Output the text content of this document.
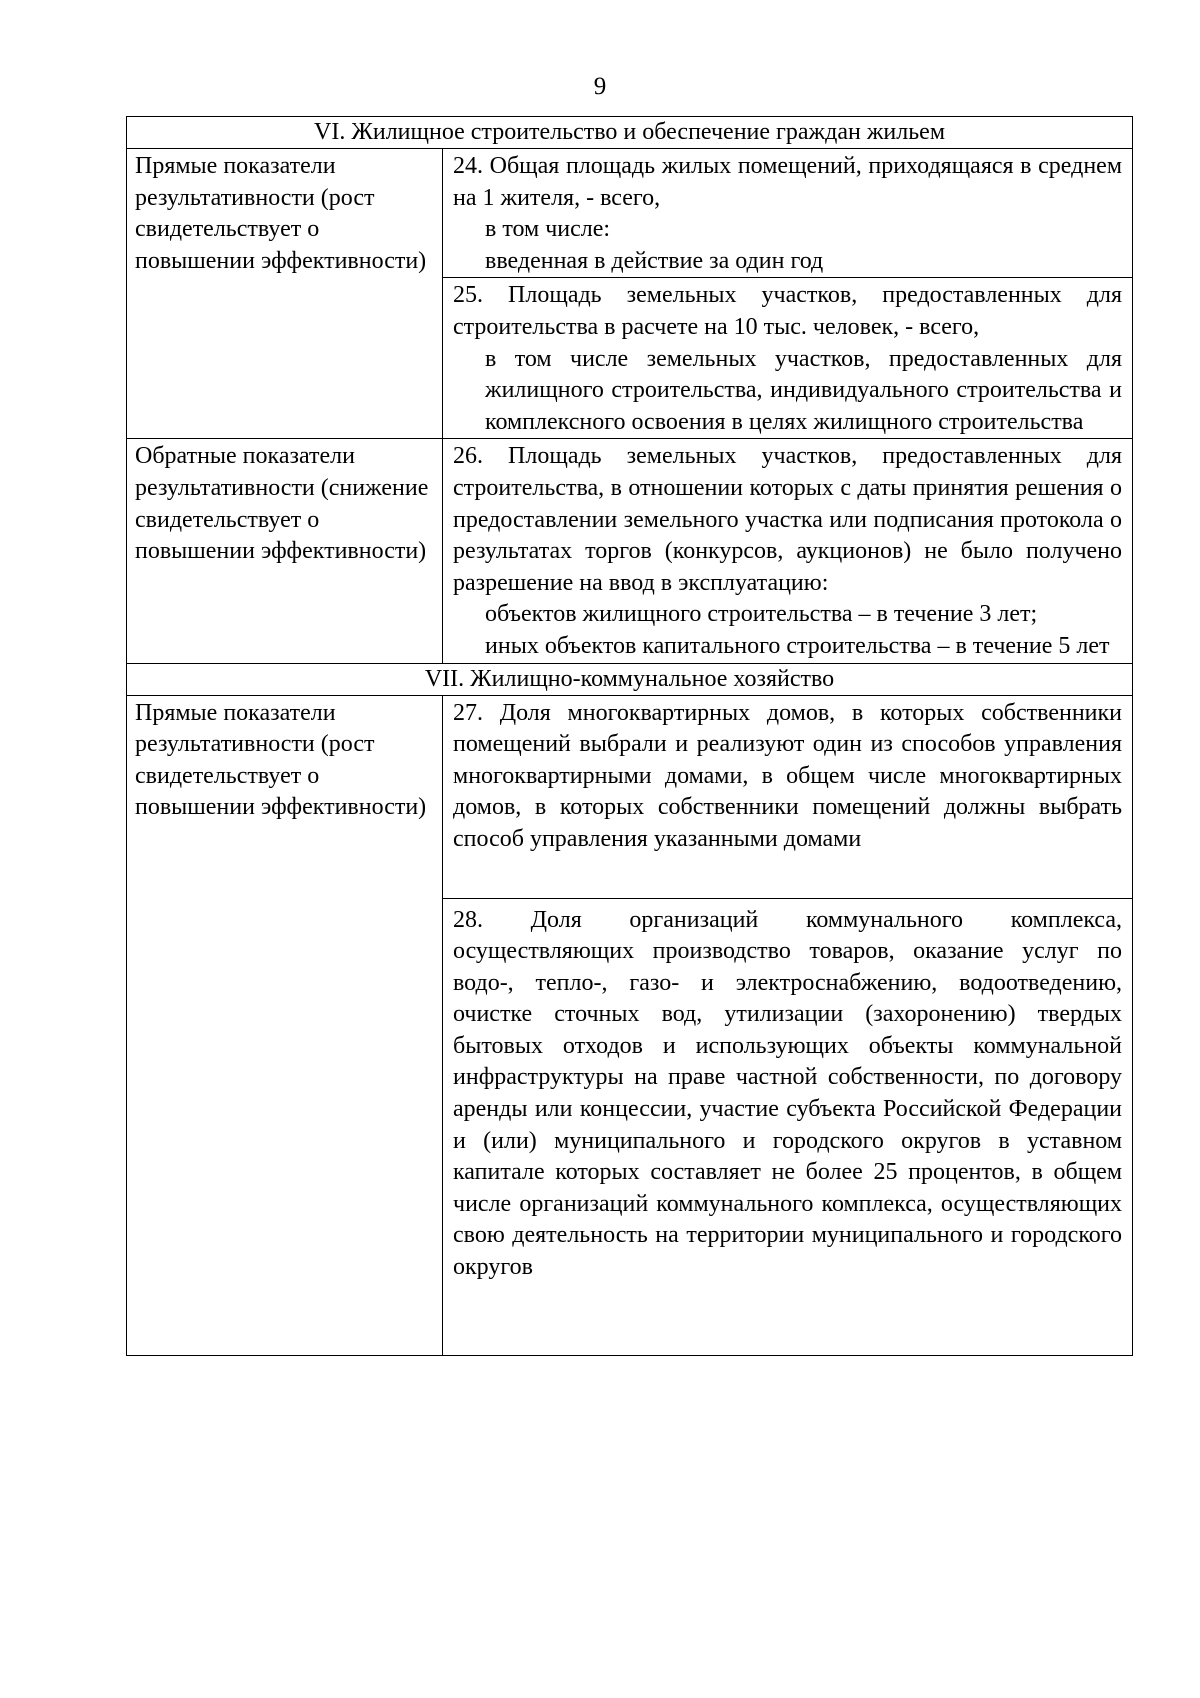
9
VI. Жилищное строительство и обеспечение граждан жильем	

Прямые показатели результативности (рост свидетельствует о повышении эффективности)	24. Общая площадь жилых помещений, приходящаяся в среднем на 1 жителя, - всего,
в том числе:
введенная в действие за один год

	25. Площадь земельных участков, предоставленных для строительства в расчете на 10 тыс. человек, - всего,
в том числе земельных участков, предоставленных для жилищного строительства, индивидуального строительства и комплексного освоения в целях жилищного строительства

Обратные показатели результативности (снижение свидетельствует о повышении эффективности)	26. Площадь земельных участков, предоставленных для строительства, в отношении которых с даты принятия решения о предоставлении земельного участка или подписания протокола о результатах торгов (конкурсов, аукционов) не было получено разрешение на ввод в эксплуатацию:
объектов жилищного строительства – в течение 3 лет;
иных объектов капитального строительства – в течение 5 лет

VII. Жилищно-коммунальное хозяйство	

Прямые показатели результативности (рост свидетельствует о повышении эффективности)	27. Доля многоквартирных домов, в которых собственники помещений выбрали и реализуют один из способов управления многоквартирными домами, в общем числе многоквартирных домов, в которых собственники помещений должны выбрать способ управления указанными домами

	28. Доля организаций коммунального комплекса, осуществляющих производство товаров, оказание услуг по водо-, тепло-, газо- и электроснабжению, водоотведению, очистке сточных вод, утилизации (захоронению) твердых бытовых отходов и использующих объекты коммунальной инфраструктуры на праве частной собственности, по договору аренды или концессии, участие субъекта Российской Федерации и (или) муниципального и городского округов в уставном капитале которых составляет не более 25 процентов, в общем числе организаций коммунального комплекса, осуществляющих свою деятельность на территории муниципального и городского округов
